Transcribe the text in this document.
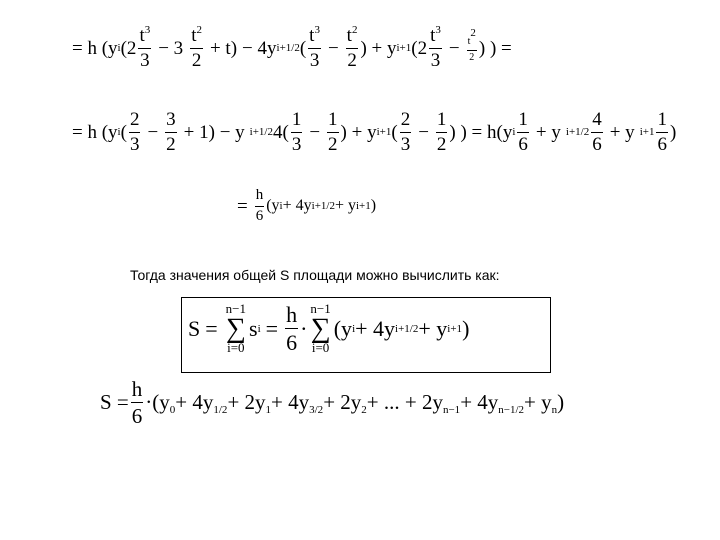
= h (y i $(2 \frac{t^3}{3} - 3 \frac{t^2}{2} + t) - 4y$ i+1/2 ( $\frac{t^3}{3} - \frac{t^2}{2}$ ) + y i+1 ($2 \frac{t^3}{3} - \frac{t^2}{2}$ ) ) =
= h (y i ( $\frac{2}{3} - \frac{3}{2} + 1) - y$ i+1/2 $4( \frac{1}{3} - \frac{1}{2}$ ) + y i+1 ( $\frac{2}{3} - \frac{1}{2}$ ) ) = h(y i $\frac{1}{6} + y$ $i+1/2 \frac{4}{6} + y$ $i+1 \frac{1}{6}$ )
= $\frac{h}{6} (y$ i + 4y i+1/2 + y i+1 )
Тогда значения общей S площади можно вычислить как:
S =
n−1
∑
i=0
s $i = \frac{h}{6}$ ·
n−1
∑
i=0
(y i + 4y i+1/2 + y i+1 )
$S = \frac{h}{6} \cdot (y_0+ 4y_{1/2}+ 2y_1+ 4y_{3/2}+ 2y_2+$ ... + $2y_{n-1}+ 4y_{n-1/2}+ y_n$ )
